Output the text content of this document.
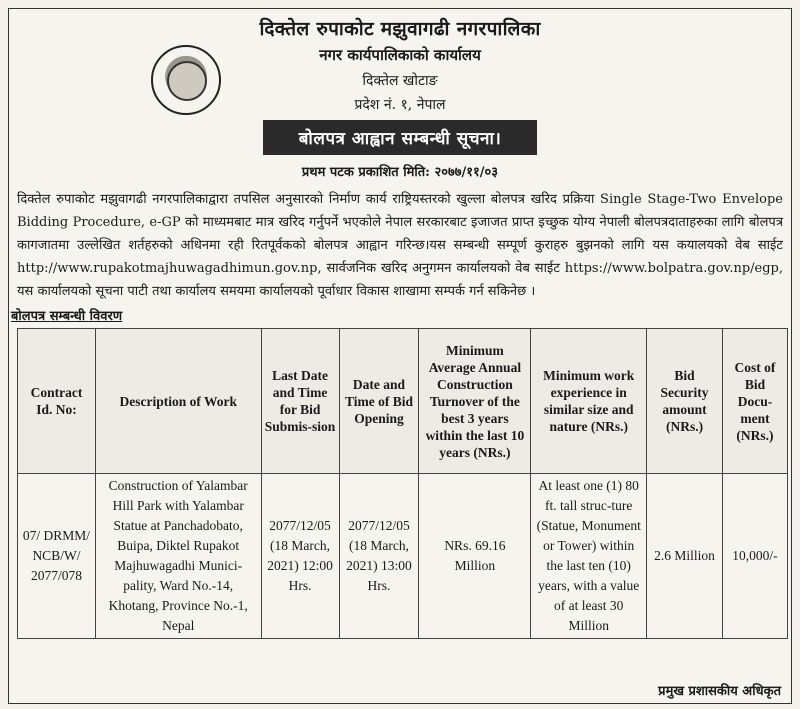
दिक्तेल रुपाकोट मझुवागढी नगरपालिका
नगर कार्यपालिकाको कार्यालय
दिक्तेल खोटाङ
प्रदेश नं. १, नेपाल
बोलपत्र आह्वान सम्बन्धी सूचना।
प्रथम पटक प्रकाशित मिति: २०७७/११/०३
दिक्तेल रुपाकोट मझुवागढी नगरपालिकाद्वारा तपसिल अनुसारको निर्माण कार्य राष्ट्रियस्तरको खुल्ला बोलपत्र खरिद प्रक्रिया Single Stage-Two Envelope Bidding Procedure, e-GP को माध्यमबाट मात्र खरिद गर्नुपर्ने भएकोले नेपाल सरकारबाट इजाजत प्राप्त इच्छुक योग्य नेपाली बोलपत्रदाताहरुका लागि बोलपत्र कागजातमा उल्लेखित शर्तहरुको अधिनमा रही रितपूर्वकको बोलपत्र आह्वान गरिन्छ।यस सम्बन्धी सम्पूर्ण कुराहरु बुझनको लागि यस कयालयको वेब साईट http://www.rupakotmajhuwagadhimun.gov.np, सार्वजनिक खरिद अनुगमन कार्यालयको वेब साईट https://www.bolpatra.gov.np/egp, यस कार्यालयको सूचना पाटी तथा कार्यालय समयमा कार्यालयको पूर्वाधार विकास शाखामा सम्पर्क गर्न सकिनेछ ।
बोलपत्र सम्बन्धी विवरण
Contract Id. No:	Description of Work	Last Date and Time for Bid Submis-sion	Date and Time of Bid Opening	Minimum Average Annual Construction Turnover of the best 3 years within the last 10 years (NRs.)	Minimum work experience in similar size and nature (NRs.)	Bid Security amount (NRs.)	Cost of Bid Docu-ment (NRs.)
07/ DRMM/ NCB/W/ 2077/078	Construction of Yalambar Hill Park with Yalambar Statue at Panchadobato, Buipa, Diktel Rupakot Majhuwagadhi Munici-pality, Ward No.-14, Khotang, Province No.-1, Nepal	2077/12/05 (18 March, 2021) 12:00 Hrs.	2077/12/05 (18 March, 2021) 13:00 Hrs.	NRs. 69.16 Million	At least one (1) 80 ft. tall struc-ture (Statue, Monument or Tower) within the last ten (10) years, with a value of at least 30 Million	2.6 Million	10,000/-
प्रमुख प्रशासकीय अधिकृत
